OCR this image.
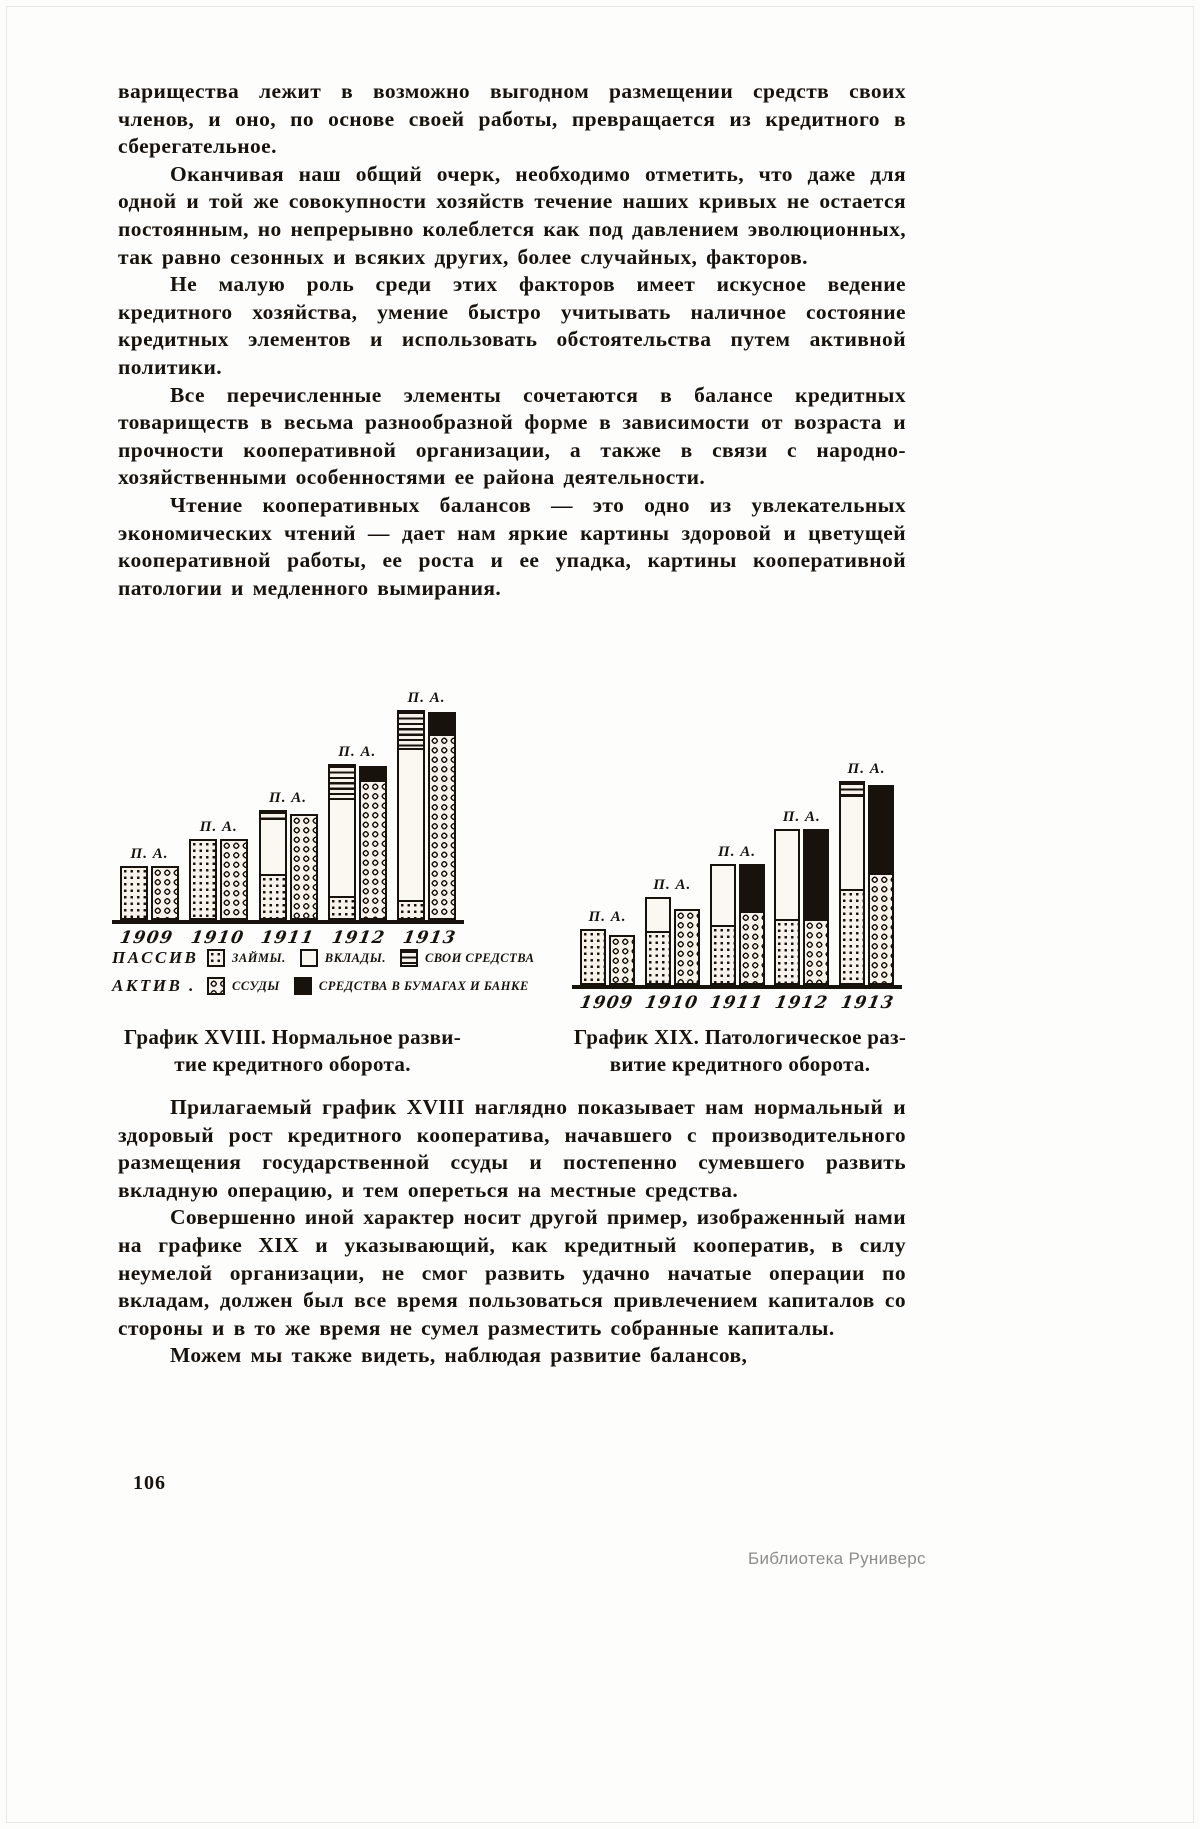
варищества лежит в возможно выгодном размещении средств своих членов, и оно, по основе своей работы, превращается из кредитного в сберегательное.

Оканчивая наш общий очерк, необходимо отметить, что даже для одной и той же совокупности хозяйств течение наших кривых не остается постоянным, но непрерывно колеблется как под давлением эволюционных, так равно сезонных и всяких других, более случайных, факторов.

Не малую роль среди этих факторов имеет искусное ведение кредитного хозяйства, умение быстро учитывать наличное состояние кредитных элементов и использовать обстоятельства путем активной политики.

Все перечисленные элементы сочетаются в балансе кредитных товариществ в весьма разнообразной форме в зависимости от возраста и прочности кооперативной организации, а также в связи с народно-хозяйственными особенностями ее района деятельности.

Чтение кооперативных балансов — это одно из увлекательных экономических чтений — дает нам яркие картины здоровой и цветущей кооперативной работы, ее роста и ее упадка, картины кооперативной патологии и медленного вымирания.

П. А.
П. А.
П. А.
П. А.
П. А.
1909 1910 1911 1912 1913
П. А.
П. А.
П. А.
П. А.
П. А.
1909 1910 1911 1912 1913
ПАССИВ	ЗАЙМЫ.	ВКЛАДЫ.	СВОИ СРЕДСТВА
АКТИВ .	ССУДЫ	СРЕДСТВА В БУМАГАХ И БАНКЕ
График XVIII. Нормальное разви-
тие кредитного оборота.
График XIX. Патологическое раз-
витие кредитного оборота.

Прилагаемый график XVIII наглядно показывает нам нормальный и здоровый рост кредитного кооператива, начавшего с производительного размещения государственной ссуды и постепенно сумевшего развить вкладную операцию, и тем опереться на местные средства.

Совершенно иной характер носит другой пример, изображенный нами на графике XIX и указывающий, как кредитный кооператив, в силу неумелой организации, не смог развить удачно начатые операции по вкладам, должен был все время пользоваться привлечением капиталов со стороны и в то же время не сумел разместить собранные капиталы.

Можем мы также видеть, наблюдая развитие балансов,

106
Библиотека Руниверс
